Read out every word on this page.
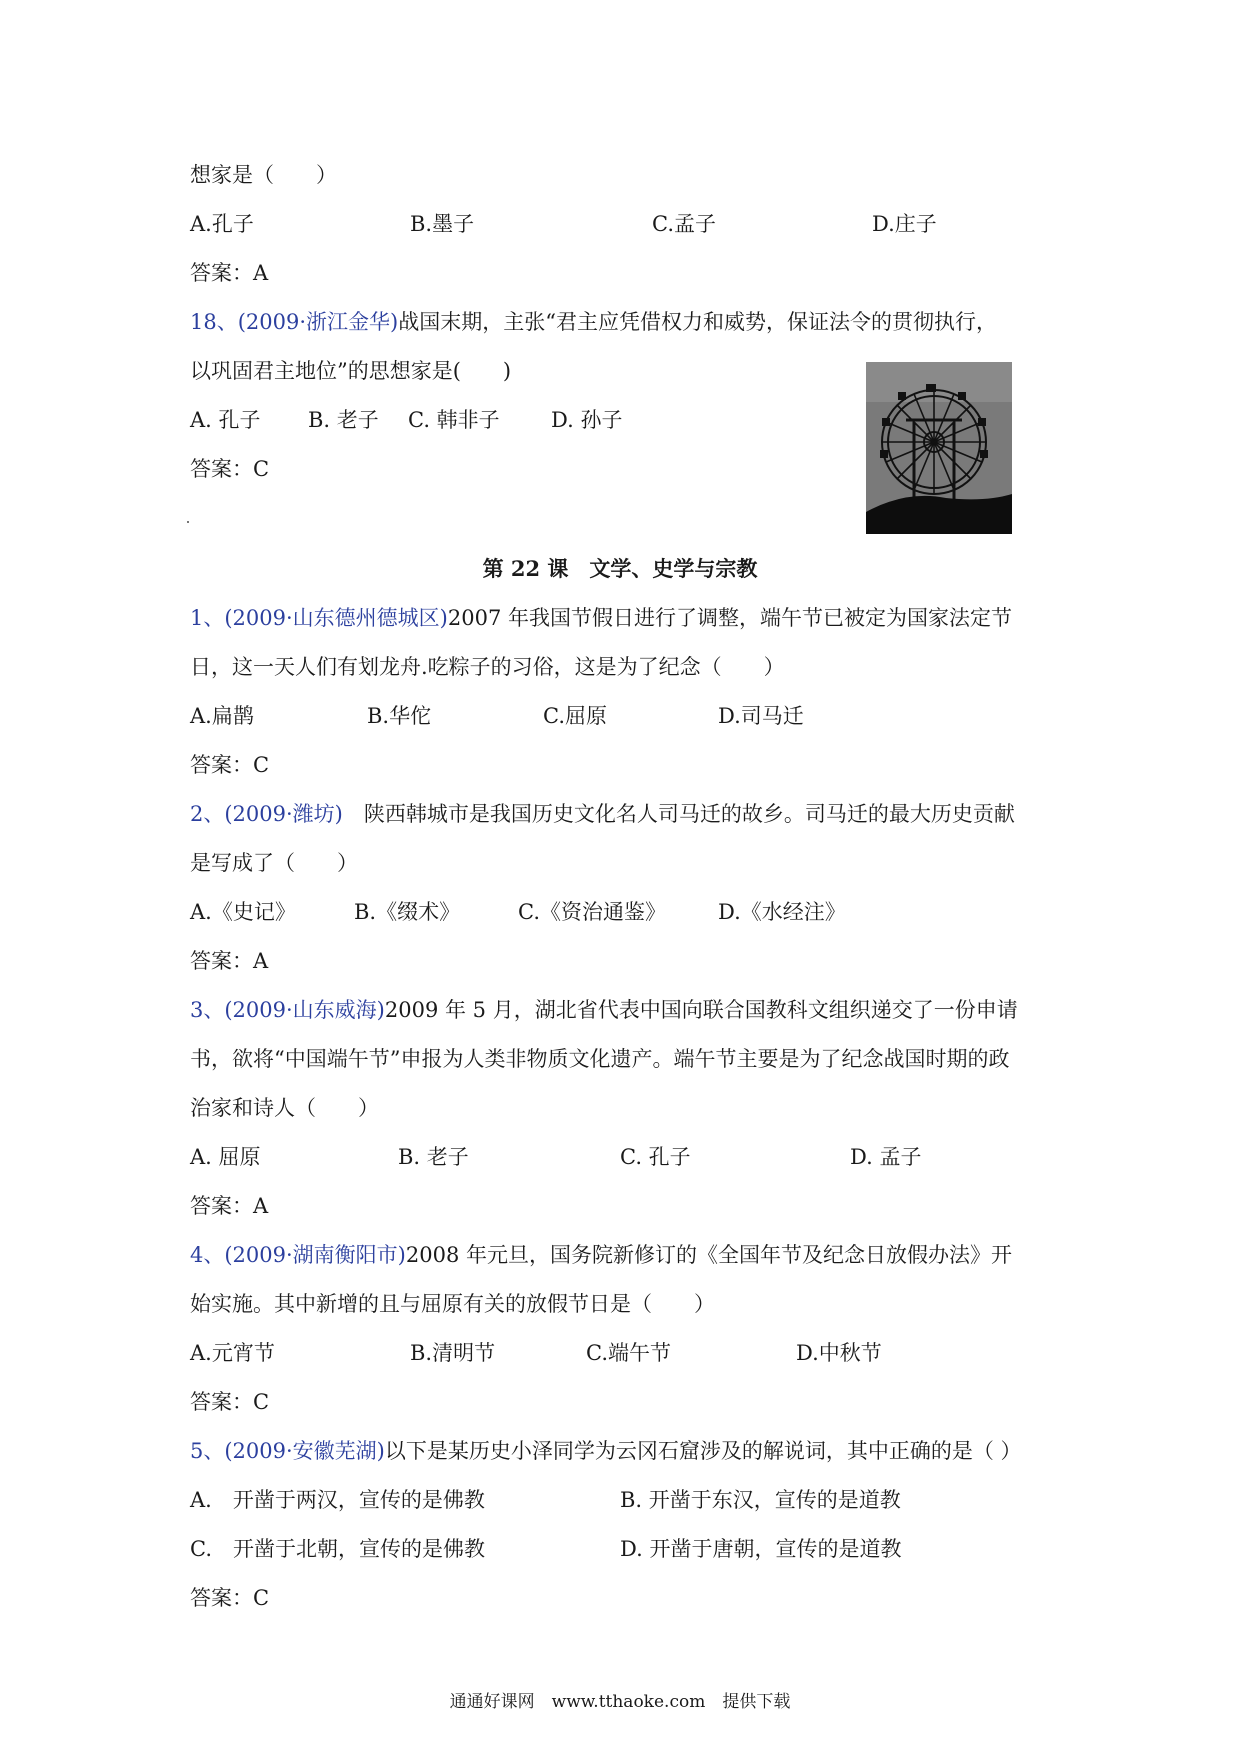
想家是（　　）
A.孔子	B.墨子	C.孟子	D.庄子
答案：A
18、(2009·浙江金华)战国末期，主张“君主应凭借权力和威势，保证法令的贯彻执行，
以巩固君主地位”的思想家是(　　)
A. 孔子 B. 老子 C. 韩非子 D. 孙子
答案：C
第 22 课　文学、史学与宗教
1、(2009·山东德州德城区)2007 年我国节假日进行了调整，端午节已被定为国家法定节
日，这一天人们有划龙舟.吃粽子的习俗，这是为了纪念（　　）
A.扁鹊	B.华佗	C.屈原	D.司马迁
答案：C
2、(2009·潍坊)　陕西韩城市是我国历史文化名人司马迁的故乡。司马迁的最大历史贡献
是写成了（　　）
A.《史记》	B.《缀术》	C.《资治通鉴》 D.《水经注》
答案：A
3、(2009·山东威海)2009 年 5 月，湖北省代表中国向联合国教科文组织递交了一份申请
书，欲将“中国端午节”申报为人类非物质文化遗产。端午节主要是为了纪念战国时期的政
治家和诗人（　　）
A. 屈原	B. 老子	C. 孔子	D. 孟子
答案：A
4、(2009·湖南衡阳市)2008 年元旦，国务院新修订的《全国年节及纪念日放假办法》开
始实施。其中新增的且与屈原有关的放假节日是（　　）
A.元宵节	B.清明节	C.端午节	D.中秋节
答案：C
5、(2009·安徽芜湖)以下是某历史小泽同学为云冈石窟涉及的解说词，其中正确的是（ ）
A.　开凿于两汉，宣传的是佛教	B. 开凿于东汉，宣传的是道教
C.　开凿于北朝，宣传的是佛教	D. 开凿于唐朝，宣传的是道教
答案：C
通通好课网　www.tthaoke.com　提供下载
